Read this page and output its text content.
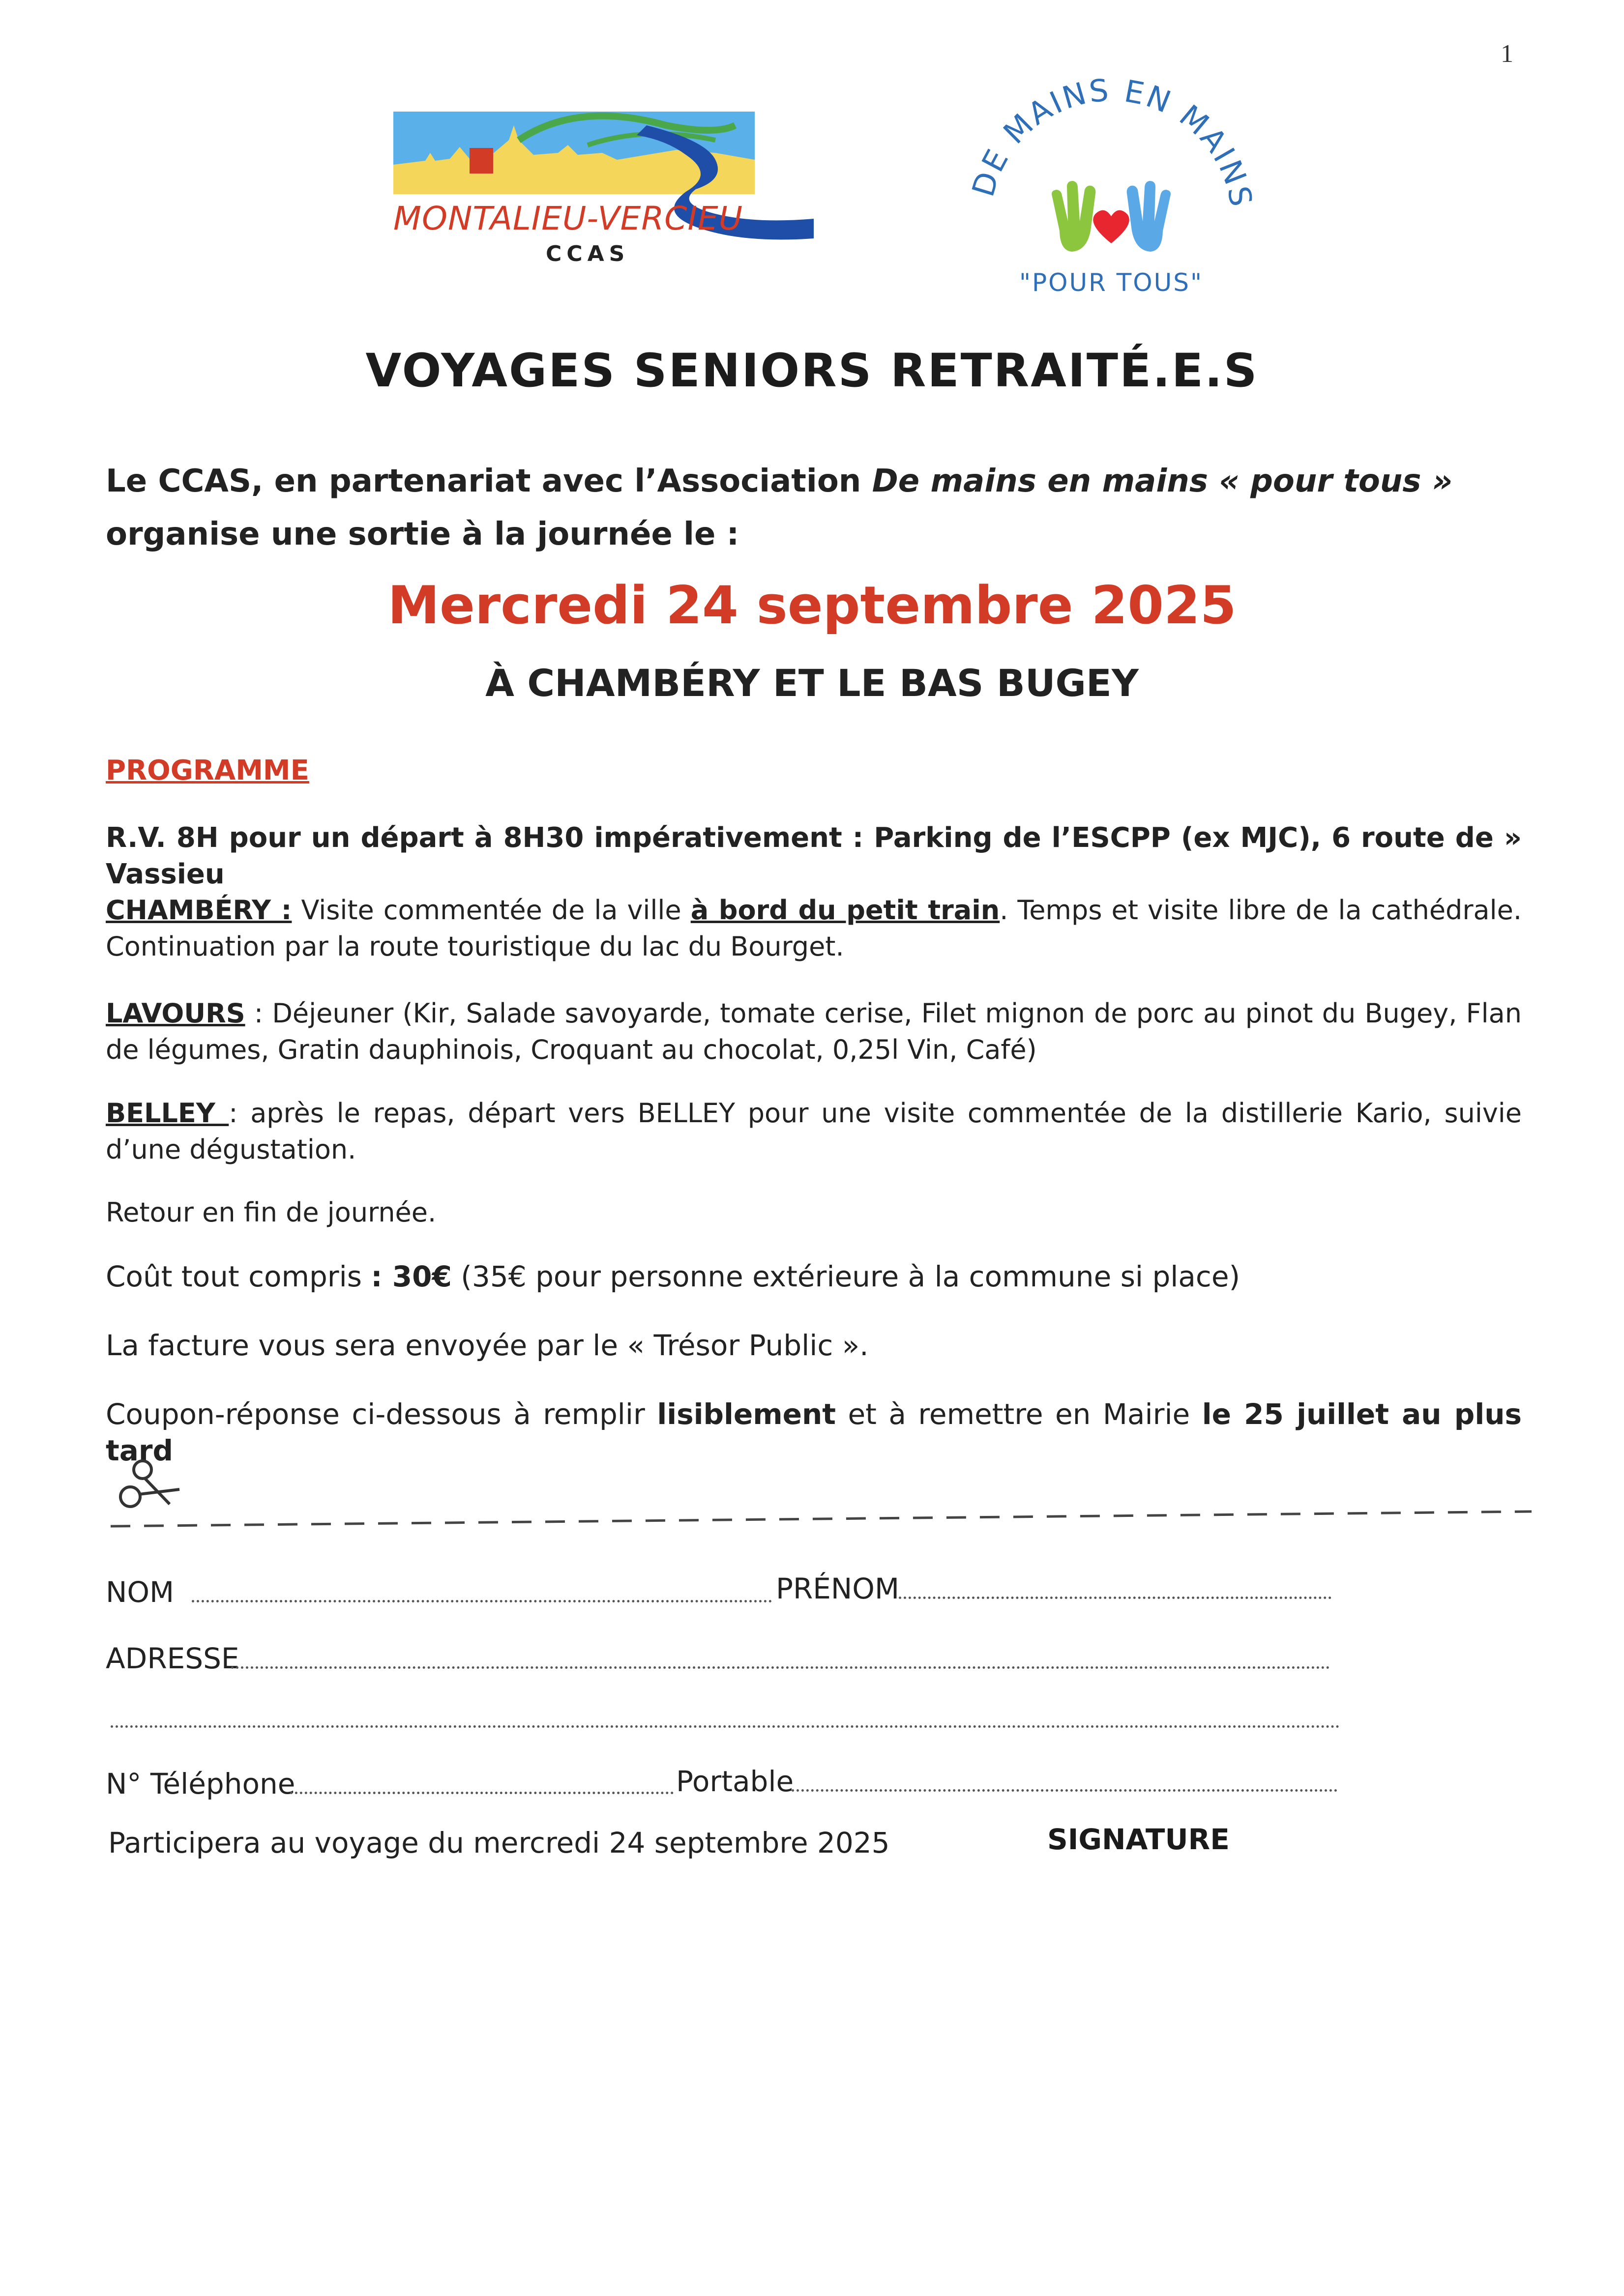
1
MONTALIEU-VERCIEU
CCAS
DE MAINS EN MAINS
"POUR TOUS"
VOYAGES SENIORS RETRAITÉ.E.S
Le CCAS, en partenariat avec l’Association De mains en mains « pour tous »
organise une sortie à la journée le :
Mercredi 24 septembre 2025
À CHAMBÉRY ET LE BAS BUGEY
PROGRAMME
R.V. 8H pour un départ à 8H30 impérativement : Parking de l’ESCPP (ex MJC), 6 route de » Vassieu
CHAMBÉRY : Visite commentée de la ville à bord du petit train. Temps et visite libre de la cathédrale. Continuation par la route touristique du lac du Bourget.
LAVOURS : Déjeuner (Kir, Salade savoyarde, tomate cerise, Filet mignon de porc au pinot du Bugey, Flan de légumes, Gratin dauphinois, Croquant au chocolat, 0,25l Vin, Café)
BELLEY : après le repas, départ vers BELLEY pour une visite commentée de la distillerie Kario, suivie d’une dégustation.
Retour en fin de journée.
Coût tout compris : 30€ (35€ pour personne extérieure à la commune si place)
La facture vous sera envoyée par le « Trésor Public ».
Coupon-réponse ci-dessous à remplir lisiblement et à remettre en Mairie le 25 juillet au plus tard
NOM	PRÉNOM
ADRESSE
N° Téléphone	Portable
Participera au voyage du mercredi 24 septembre 2025	SIGNATURE
